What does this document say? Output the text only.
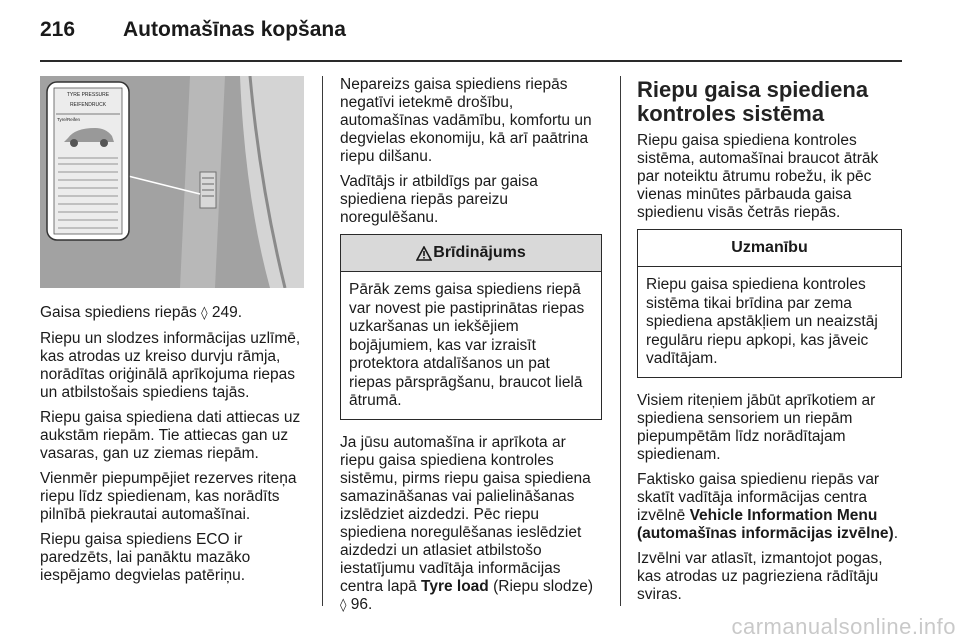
216 Automašīnas kopšana
TYRE PRESSURE
REIFENDRUCK
Tyre/Reifen

Gaisa spiediens riepās ◊ 249.

Riepu un slodzes informācijas uzlīmē, kas atrodas uz kreiso durvju rāmja, norādītas oriģinālā aprīkojuma riepas un atbilstošais spiediens tajās.

Riepu gaisa spiediena dati attiecas uz aukstām riepām. Tie attiecas gan uz vasaras, gan uz ziemas riepām.

Vienmēr piepumpējiet rezerves riteņa riepu līdz spiedienam, kas norādīts pilnībā piekrautai automašīnai.

Riepu gaisa spiediens ECO ir paredzēts, lai panāktu mazāko iespējamo degvielas patēriņu.

Nepareizs gaisa spiediens riepās negatīvi ietekmē drošību, automašīnas vadāmību, komfortu un degvielas ekonomiju, kā arī paātrina riepu dilšanu.

Vadītājs ir atbildīgs par gaisa spiediena riepās pareizu noregulēšanu.

Brīdinājums

Pārāk zems gaisa spiediens riepā var novest pie pastiprinātas riepas uzkaršanas un iekšējiem bojājumiem, kas var izraisīt protektora atdalīšanos un pat riepas pārsprāgšanu, braucot lielā ātrumā.

Ja jūsu automašīna ir aprīkota ar riepu gaisa spiediena kontroles sistēmu, pirms riepu gaisa spiediena samazināšanas vai palielināšanas izslēdziet aizdedzi. Pēc riepu spiediena noregulēšanas ieslēdziet aizdedzi un atlasiet atbilstošo iestatījumu vadītāja informācijas centra lapā Tyre load (Riepu slodze)
◊ 96.

Riepu gaisa spiediena kontroles sistēma

Riepu gaisa spiediena kontroles sistēma, automašīnai braucot ātrāk par noteiktu ātrumu robežu, ik pēc vienas minūtes pārbauda gaisa spiedienu visās četrās riepās.

Uzmanību

Riepu gaisa spiediena kontroles sistēma tikai brīdina par zema spiediena apstākļiem un neaizstāj regulāru riepu apkopi, kas jāveic vadītājam.

Visiem riteņiem jābūt aprīkotiem ar spiediena sensoriem un riepām piepumpētām līdz norādītajam spiedienam.

Faktisko gaisa spiedienu riepās var skatīt vadītāja informācijas centra izvēlnē Vehicle Information Menu (automašīnas informācijas izvēlne).

Izvēlni var atlasīt, izmantojot pogas, kas atrodas uz pagrieziena rādītāju sviras.

carmanualsonline.info
